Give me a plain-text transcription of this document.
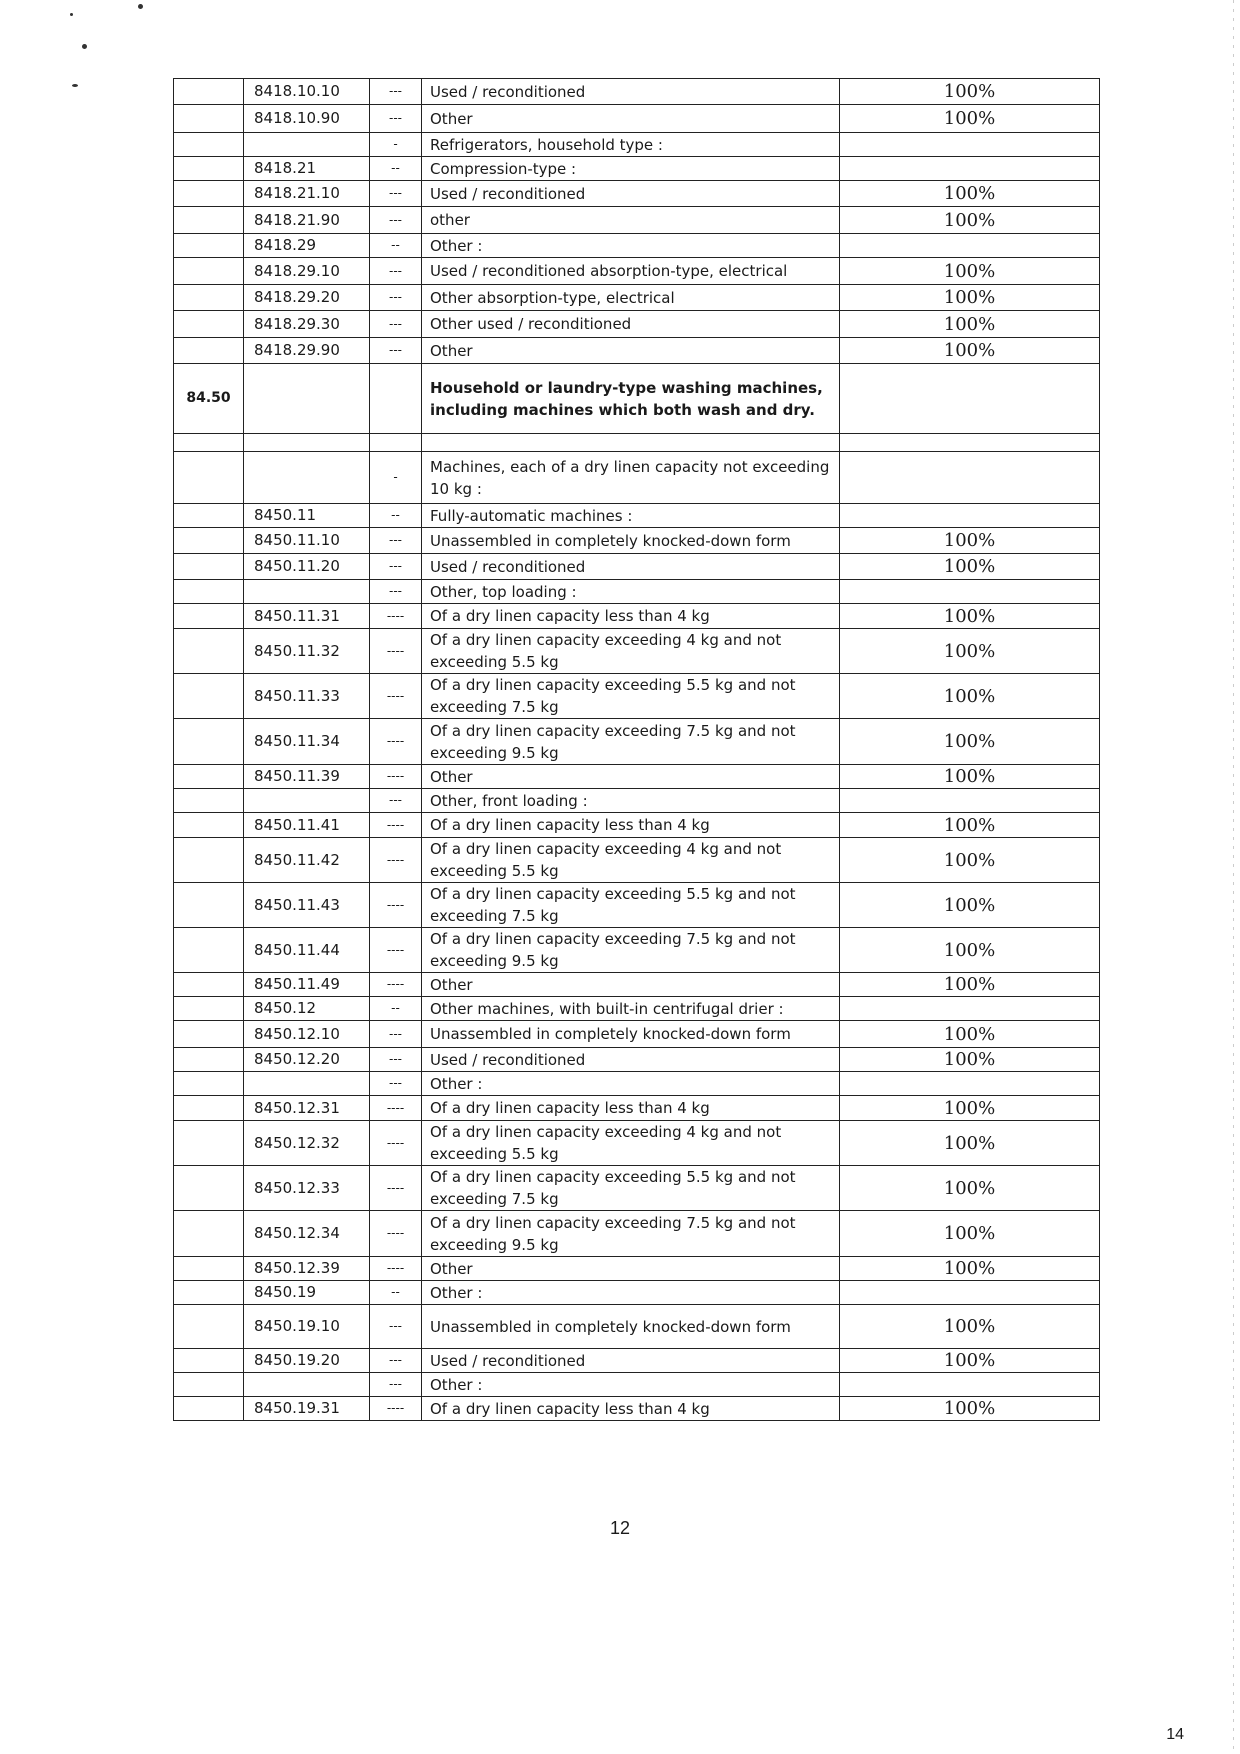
	8418.10.10	---	Used / reconditioned	100%
	8418.10.90	---	Other	100%
		-	Refrigerators, household type :	
	8418.21	--	Compression-type :	
	8418.21.10	---	Used / reconditioned	100%
	8418.21.90	---	other	100%
	8418.29	--	Other :	
	8418.29.10	---	Used / reconditioned absorption-type, electrical	100%
	8418.29.20	---	Other absorption-type, electrical	100%
	8418.29.30	---	Other used / reconditioned	100%
	8418.29.90	---	Other	100%
84.50			Household or laundry-type washing machines, including machines which both wash and dry.	

		-	Machines, each of a dry linen capacity not exceeding 10 kg :	
	8450.11	--	Fully-automatic machines :	
	8450.11.10	---	Unassembled in completely knocked-down form	100%
	8450.11.20	---	Used / reconditioned	100%
		---	Other, top loading :	
	8450.11.31	----	Of a dry linen capacity less than 4 kg	100%
	8450.11.32	----	Of a dry linen capacity exceeding 4 kg and not exceeding 5.5 kg	100%
	8450.11.33	----	Of a dry linen capacity exceeding 5.5 kg and not exceeding 7.5 kg	100%
	8450.11.34	----	Of a dry linen capacity exceeding 7.5 kg and not exceeding 9.5 kg	100%
	8450.11.39	----	Other	100%
		---	Other, front loading :	
	8450.11.41	----	Of a dry linen capacity less than 4 kg	100%
	8450.11.42	----	Of a dry linen capacity exceeding 4 kg and not exceeding 5.5 kg	100%
	8450.11.43	----	Of a dry linen capacity exceeding 5.5 kg and not exceeding 7.5 kg	100%
	8450.11.44	----	Of a dry linen capacity exceeding 7.5 kg and not exceeding 9.5 kg	100%
	8450.11.49	----	Other	100%
	8450.12	--	Other machines, with built-in centrifugal drier :	
	8450.12.10	---	Unassembled in completely knocked-down form	100%
	8450.12.20	---	Used / reconditioned	100%
		---	Other :	
	8450.12.31	----	Of a dry linen capacity less than 4 kg	100%
	8450.12.32	----	Of a dry linen capacity exceeding 4 kg and not exceeding 5.5 kg	100%
	8450.12.33	----	Of a dry linen capacity exceeding 5.5 kg and not exceeding 7.5 kg	100%
	8450.12.34	----	Of a dry linen capacity exceeding 7.5 kg and not exceeding 9.5 kg	100%
	8450.12.39	----	Other	100%
	8450.19	--	Other :	
	8450.19.10	---	Unassembled in completely knocked-down form	100%
	8450.19.20	---	Used / reconditioned	100%
		---	Other :	
	8450.19.31	----	Of a dry linen capacity less than 4 kg	100%
12
14
